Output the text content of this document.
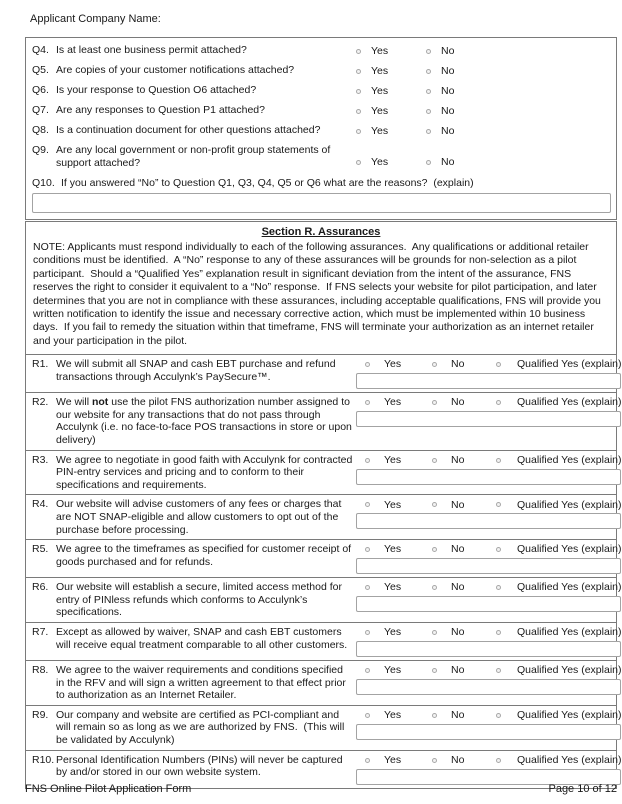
Applicant Company Name:
Q4. Is at least one business permit attached?	Yes	No
Q5. Are copies of your customer notifications attached?	Yes	No
Q6. Is your response to Question O6 attached?	Yes	No
Q7. Are any responses to Question P1 attached?	Yes	No
Q8. Is a continuation document for other questions attached?	Yes	No
Q9. Are any local government or non-profit group statements of support attached?	Yes	No
Q10. If you answered “No” to Question Q1, Q3, Q4, Q5 or Q6 what are the reasons?  (explain)
Section R. Assurances
NOTE: Applicants must respond individually to each of the following assurances.  Any qualifications or additional retailer conditions must be identified.  A “No” response to any of these assurances will be grounds for non-selection as a pilot participant.  Should a “Qualified Yes” explanation result in significant deviation from the intent of the assurance, FNS reserves the right to consider it equivalent to a “No” response.  If FNS selects your website for pilot participation, and later determines that you are not in compliance with these assurances, including acceptable qualifications, FNS will provide you written notification to identify the issue and necessary corrective action, which must be implemented within 10 business days.  If you fail to remedy the situation within that timeframe, FNS will terminate your authorization as an internet retailer and your participation in the pilot.
R1. We will submit all SNAP and cash EBT purchase and refund transactions through Acculynk’s PaySecure™.
Yes	No	Qualified Yes (explain)
R2. We will not use the pilot FNS authorization number assigned to our website for any transactions that do not pass through Acculynk (i.e. no face-to-face POS transactions in store or upon delivery)
Yes	No	Qualified Yes (explain)
R3. We agree to negotiate in good faith with Acculynk for contracted PIN-entry services and pricing and to conform to their specifications and requirements.
Yes	No	Qualified Yes (explain)
R4. Our website will advise customers of any fees or charges that are NOT SNAP-eligible and allow customers to opt out of the purchase before processing.
Yes	No	Qualified Yes (explain)
R5. We agree to the timeframes as specified for customer receipt of goods purchased and for refunds.
Yes	No	Qualified Yes (explain)
R6. Our website will establish a secure, limited access method for entry of PINless refunds which conforms to Acculynk’s specifications.
Yes	No	Qualified Yes (explain)
R7. Except as allowed by waiver, SNAP and cash EBT customers will receive equal treatment comparable to all other customers.
Yes	No	Qualified Yes (explain)
R8. We agree to the waiver requirements and conditions specified in the RFV and will sign a written agreement to that effect prior to authorization as an Internet Retailer.
Yes	No	Qualified Yes (explain)
R9. Our company and website are certified as PCI-compliant and will remain so as long as we are authorized by FNS.  (This will be validated by Acculynk)
Yes	No	Qualified Yes (explain)
R10. Personal Identification Numbers (PINs) will never be captured by and/or stored in our own website system.
Yes	No	Qualified Yes (explain)
FNS Online Pilot Application Form	Page 10 of 12
